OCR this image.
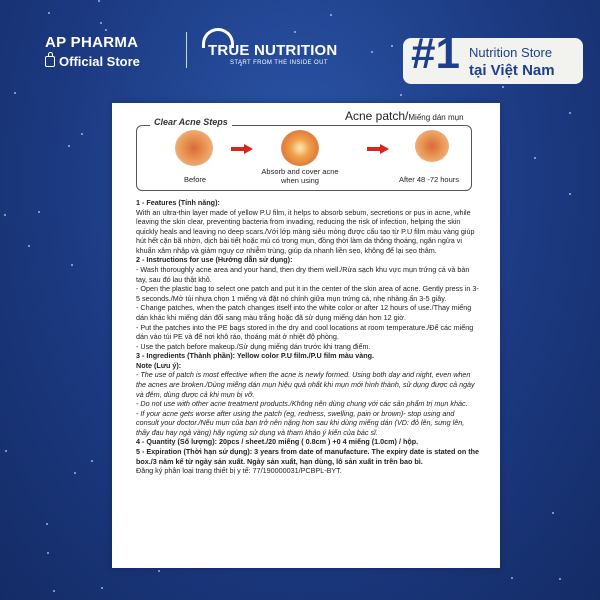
AP PHARMA
Official Store
TRUE NUTRITION
START FROM THE INSIDE OUT #1 Nutrition Store
tại Việt Nam
Acne patch/Miếng dán mụn
Before
Absorb and cover acne when using	After 48 -72 hours
Clear Acne Steps

1 - Features (Tính năng):

With an ultra-thin layer made of yellow P.U film, it helps to absorb sebum, secretions or pus in acne, while leaving the skin clear, preventing bacteria from invading, reducing the risk of infection, helping the skin quickly heals and leaving no deep scars./Với lớp màng siêu mỏng được cấu tạo từ P.U film màu vàng giúp hút hết cặn bã nhờn, dịch bài tiết hoặc mủ có trong mụn, đồng thời làm da thông thoáng, ngăn ngừa vi khuẩn xâm nhập và giảm nguy cơ nhiễm trùng, giúp da nhanh liền sẹo, không để lại sẹo thâm.

2 - Instructions for use (Hướng dẫn sử dụng):

- Wash thoroughly acne area and your hand, then dry them well./Rửa sạch khu vực mụn trứng cá và bàn tay, sau đó lau thật khô.

- Open the plastic bag to select one patch and put it in the center of the skin area of acne. Gently press in 3-5 seconds./Mở túi nhựa chọn 1 miếng và đặt nó chính giữa mụn trứng cá, nhẹ nhàng ấn 3-5 giây.

- Change patches, when the patch changes itself into the white color or after 12 hours of use./Thay miếng dán khác khi miếng dán đổi sang màu trắng hoặc đã sử dụng miếng dán hơn 12 giờ.

- Put the patches into the PE bags stored in the dry and cool locations at room temperature./Để các miếng dán vào túi PE và để nơi khô ráo, thoáng mát ở nhiệt độ phòng.

- Use the patch before makeup./Sử dụng miếng dán trước khi trang điểm.

3 - Ingredients (Thành phần): Yellow color P.U film./P.U film màu vàng.

Note (Lưu ý):

- The use of patch is most effective when the acne is newly formed. Using both day and night, even when the acnes are broken./Dùng miếng dán mụn hiệu quả nhất khi mụn mới hình thành, sử dụng được cả ngày và đêm, dùng được cả khi mụn bị vỡ.

- Do not use with other acne treatment products./Không nên dùng chung với các sản phẩm trị mụn khác.

- If your acne gets worse after using the patch (eg, redness, swelling, pain or brown)- stop using and consult your doctor./Nếu mụn của bạn trở nên nặng hơn sau khi dùng miếng dán (VD: đỏ lên, sưng lên, thấy đau hay ngả vàng) hãy ngừng sử dụng và tham khảo ý kiến của bác sĩ.

4 - Quantity (Số lượng): 20pcs / sheet./20 miếng ( 0.8cm ) +0 4 miếng (1.0cm) / hộp.

5 - Expiration (Thời hạn sử dụng): 3 years from date of manufacture. The expiry date is stated on the box./3 năm kể từ ngày sản xuất. Ngày sản xuất, hạn dùng, lô sản xuất in trên bao bì.

Đăng ký phân loại trang thiết bị y tế: 77/190000031/PCBPL-BYT.
